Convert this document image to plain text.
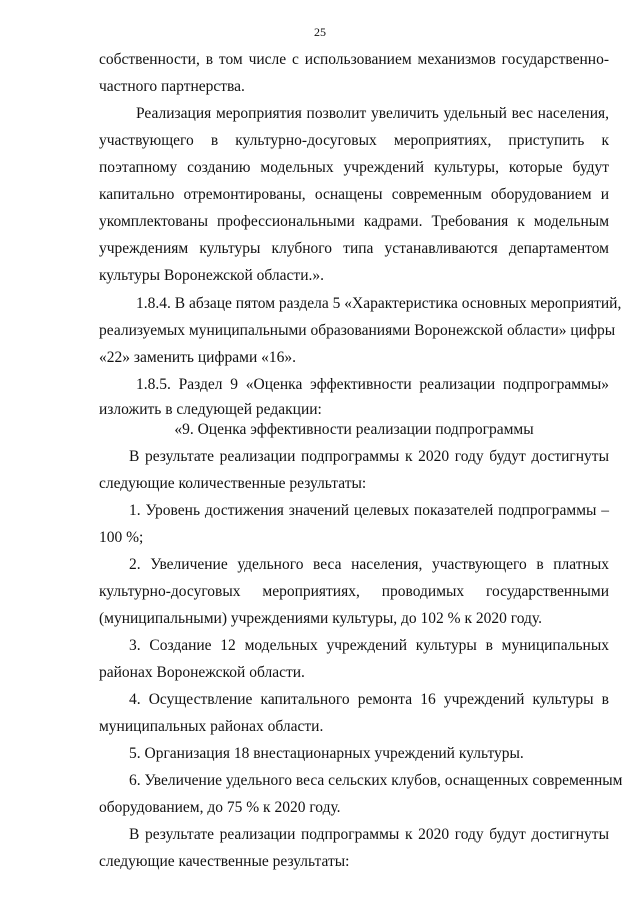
25
собственности, в том числе с использованием механизмов государственно-
частного партнерства.
Реализация мероприятия позволит увеличить удельный вес населения,
участвующего в культурно-досуговых мероприятиях, приступить к
поэтапному созданию модельных учреждений культуры, которые будут
капитально отремонтированы, оснащены современным оборудованием и
укомплектованы профессиональными кадрами. Требования к модельным
учреждениям культуры клубного типа устанавливаются департаментом
культуры Воронежской области.».
1.8.4. В абзаце пятом раздела 5 «Характеристика основных мероприятий,
реализуемых муниципальными образованиями Воронежской области» цифры
«22» заменить цифрами «16».
1.8.5. Раздел 9 «Оценка эффективности реализации подпрограммы»
изложить в следующей редакции:
«9. Оценка эффективности реализации подпрограммы
В результате реализации подпрограммы к 2020 году будут достигнуты
следующие количественные результаты:
1. Уровень достижения значений целевых показателей подпрограммы –
100 %;
2. Увеличение удельного веса населения, участвующего в платных
культурно-досуговых мероприятиях, проводимых государственными
(муниципальными) учреждениями культуры, до 102 % к 2020 году.
3. Создание 12 модельных учреждений культуры в муниципальных
районах Воронежской области.
4. Осуществление капитального ремонта 16 учреждений культуры в
муниципальных районах области.
5. Организация 18 внестационарных учреждений культуры.
6. Увеличение удельного веса сельских клубов, оснащенных современным
оборудованием, до 75 % к 2020 году.
В результате реализации подпрограммы к 2020 году будут достигнуты
следующие качественные результаты:
